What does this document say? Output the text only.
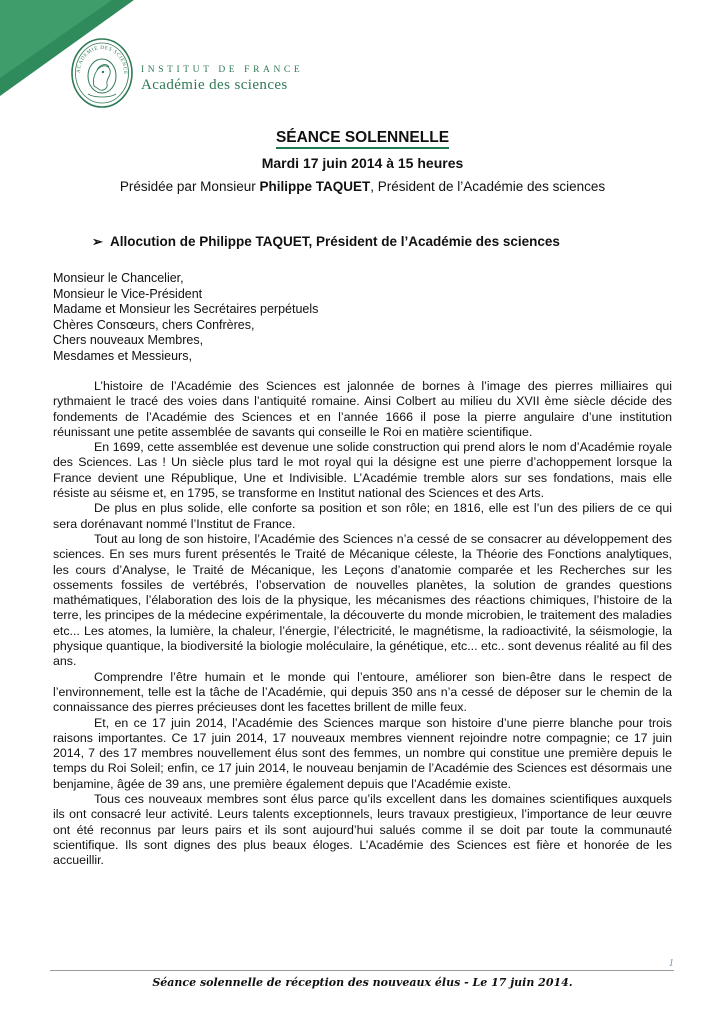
ACADEMIE DES SCIENCE INSTITUT DE FRANCE
Académie des sciences
SÉANCE SOLENNELLE
Mardi 17 juin 2014 à 15 heures
Présidée par Monsieur Philippe TAQUET, Président de l’Académie des sciences
➢ Allocution de Philippe TAQUET, Président de l’Académie des sciences
Monsieur le Chancelier,
Monsieur le Vice-Président
Madame et Monsieur les Secrétaires perpétuels
Chères Consœurs, chers Confrères,
Chers nouveaux Membres,
Mesdames et Messieurs,

L’histoire de l’Académie des Sciences est jalonnée de bornes à l’image des pierres milliaires qui rythmaient le tracé des voies dans l’antiquité romaine. Ainsi Colbert au milieu du XVII ème siècle décide des fondements de l’Académie des Sciences et en l’année 1666 il pose la pierre angulaire d’une institution réunissant une petite assemblée de savants qui conseille le Roi en matière scientifique.

En 1699, cette assemblée est devenue une solide construction qui prend alors le nom d’Académie royale des Sciences. Las ! Un siècle plus tard le mot royal qui la désigne est une pierre d’achoppement lorsque la France devient une République, Une et Indivisible. L’Académie tremble alors sur ses fondations, mais elle résiste au séisme et, en 1795, se transforme en Institut national des Sciences et des Arts.

De plus en plus solide, elle conforte sa position et son rôle; en 1816, elle est l’un des piliers de ce qui sera dorénavant nommé l’Institut de France.

Tout au long de son histoire, l’Académie des Sciences n’a cessé de se consacrer au développement des sciences. En ses murs furent présentés le Traité de Mécanique céleste, la Théorie des Fonctions analytiques, les cours d’Analyse, le Traité de Mécanique, les Leçons d’anatomie comparée et les Recherches sur les ossements fossiles de vertébrés, l’observation de nouvelles planètes, la solution de grandes questions mathématiques, l’élaboration des lois de la physique, les mécanismes des réactions chimiques, l’histoire de la terre, les principes de la médecine expérimentale, la découverte du monde microbien, le traitement des maladies etc... Les atomes, la lumière, la chaleur, l’énergie, l’électricité, le magnétisme, la radioactivité, la séismologie, la physique quantique, la biodiversité la biologie moléculaire, la génétique, etc... etc.. sont devenus réalité au fil des ans.

Comprendre l’être humain et le monde qui l’entoure, améliorer son bien-être dans le respect de l’environnement, telle est la tâche de l’Académie, qui depuis 350 ans n’a cessé de déposer sur le chemin de la connaissance des pierres précieuses dont les facettes brillent de mille feux.

Et, en ce 17 juin 2014, l’Académie des Sciences marque son histoire d’une pierre blanche pour trois raisons importantes. Ce 17 juin 2014, 17 nouveaux membres viennent rejoindre notre compagnie; ce 17 juin 2014, 7 des 17 membres nouvellement élus sont des femmes, un nombre qui constitue une première depuis le temps du Roi Soleil; enfin, ce 17 juin 2014, le nouveau benjamin de l’Académie des Sciences est désormais une benjamine, âgée de 39 ans, une première également depuis que l’Académie existe.

Tous ces nouveaux membres sont élus parce qu’ils excellent dans les domaines scientifiques auxquels ils ont consacré leur activité. Leurs talents exceptionnels, leurs travaux prestigieux, l’importance de leur œuvre ont été reconnus par leurs pairs et ils sont aujourd’hui salués comme il se doit par toute la communauté scientifique. Ils sont dignes des plus beaux éloges. L’Académie des Sciences est fière et honorée de les accueillir.

1
Séance solennelle de réception des nouveaux élus - Le 17 juin 2014.
